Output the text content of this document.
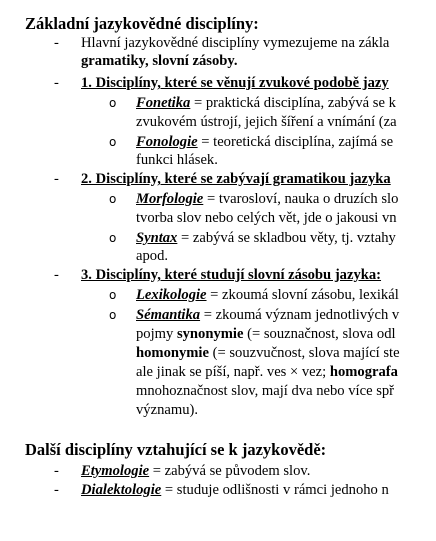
Základní jazykovědné disciplíny:
- Hlavní jazykovědné disciplíny vymezujeme na zákla
gramatiky, slovní zásoby.
- 1. Disciplíny, které se věnují zvukové podobě jazy
o Fonetika = praktická disciplína, zabývá se k
zvukovém ústrojí, jejich šíření a vnímání (za
o Fonologie = teoretická disciplína, zajímá se
funkci hlásek.
- 2. Disciplíny, které se zabývají gramatikou jazyka
o Morfologie = tvarosloví, nauka o druzích slo
tvorba slov nebo celých vět, jde o jakousi vn
o Syntax = zabývá se skladbou věty, tj. vztahy
apod.
- 3. Disciplíny, které studují slovní zásobu jazyka:
o Lexikologie = zkoumá slovní zásobu, lexikál
o Sémantika = zkoumá význam jednotlivých v
pojmy synonymie (= souznačnost, slova odl
homonymie (= souzvučnost, slova mající ste
ale jinak se píší, např. ves × vez; homografa
mnohoznačnost slov, mají dva nebo více spř
významu).
Další disciplíny vztahující se k jazykovědě:
- Etymologie = zabývá se původem slov.
- Dialektologie = studuje odlišnosti v rámci jednoho n
